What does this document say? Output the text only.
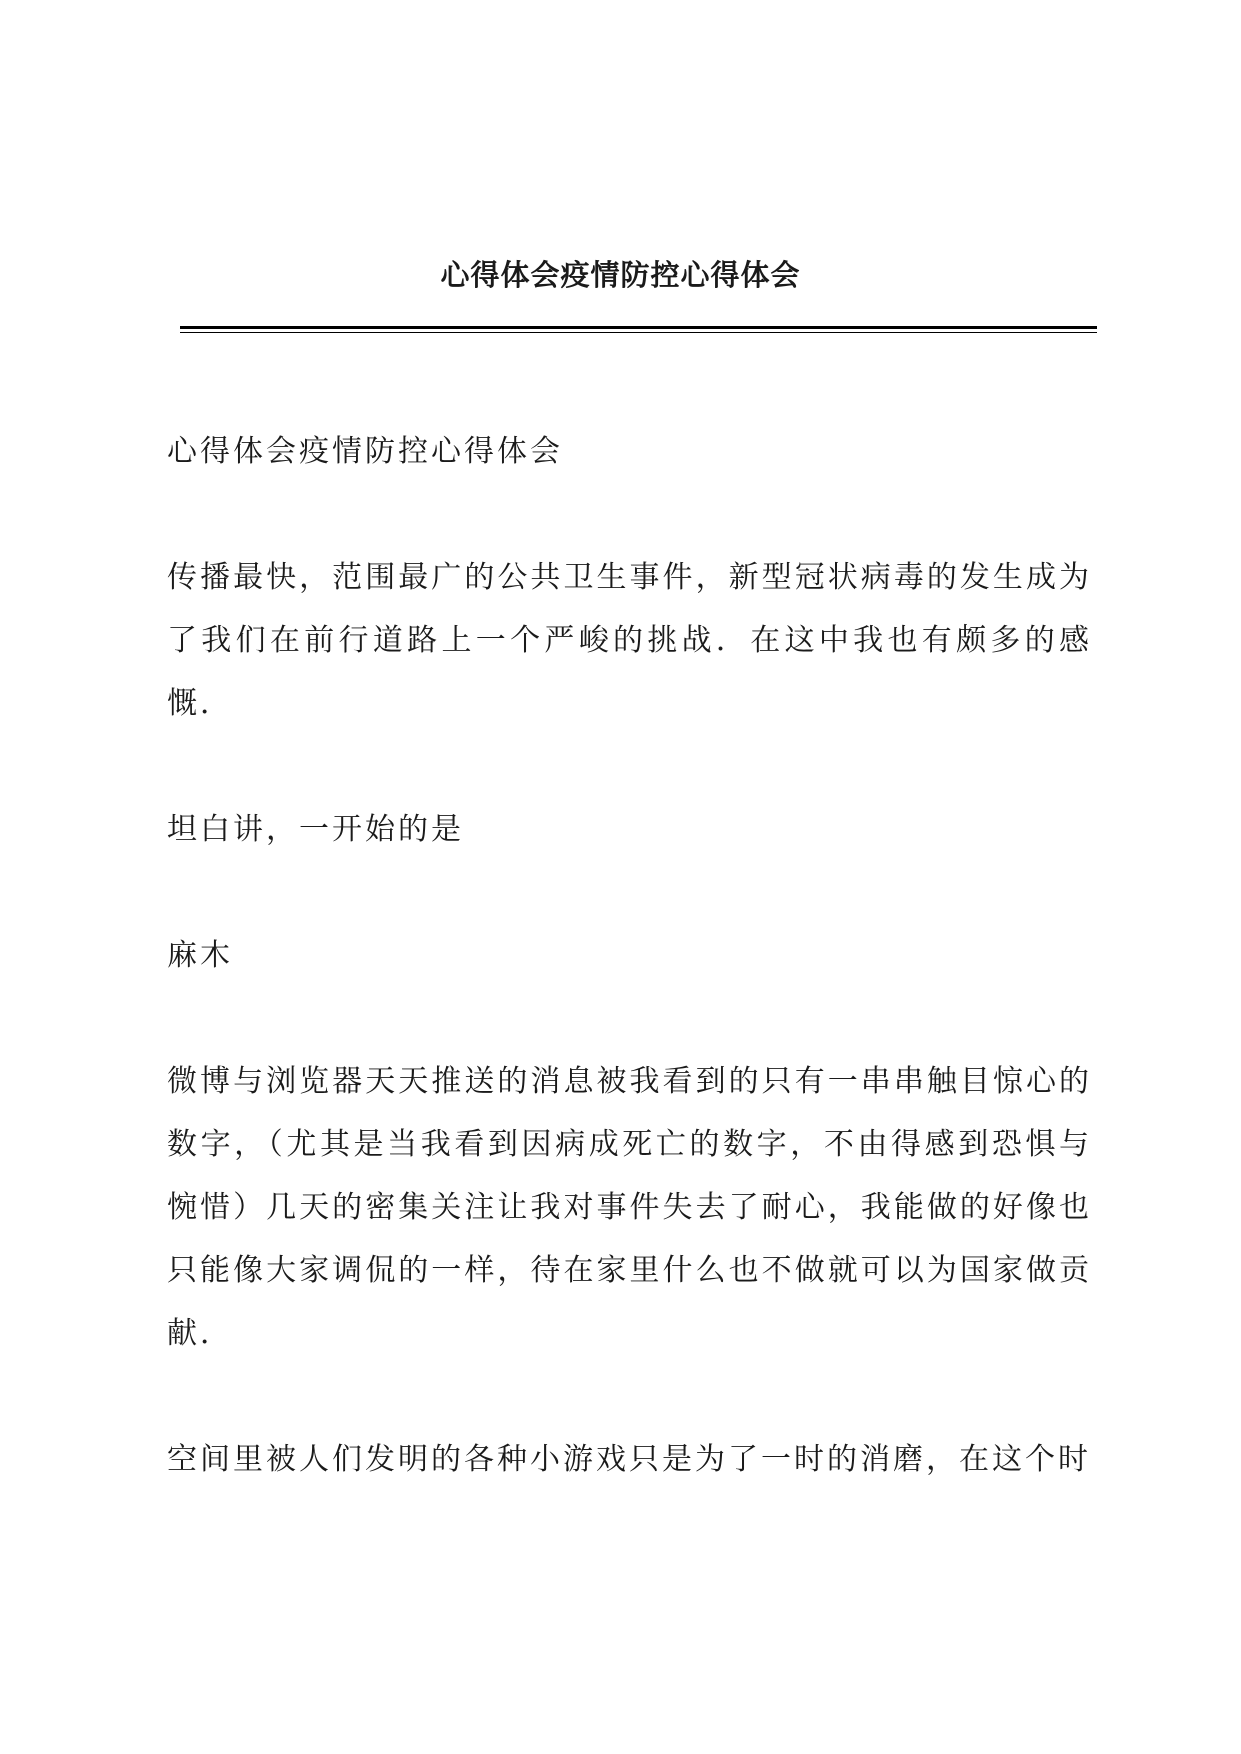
心得体会疫情防控心得体会

心得体会疫情防控心得体会

传播最快，范围最广的公共卫生事件，新型冠状病毒的发生成为了我们在前行道路上一个严峻的挑战．在这中我也有颇多的感慨．

坦白讲，一开始的是

麻木

微博与浏览器天天推送的消息被我看到的只有一串串触目惊心的数字，（尤其是当我看到因病成死亡的数字，不由得感到恐惧与惋惜）几天的密集关注让我对事件失去了耐心，我能做的好像也只能像大家调侃的一样，待在家里什么也不做就可以为国家做贡献．

空间里被人们发明的各种小游戏只是为了一时的消磨，在这个时
